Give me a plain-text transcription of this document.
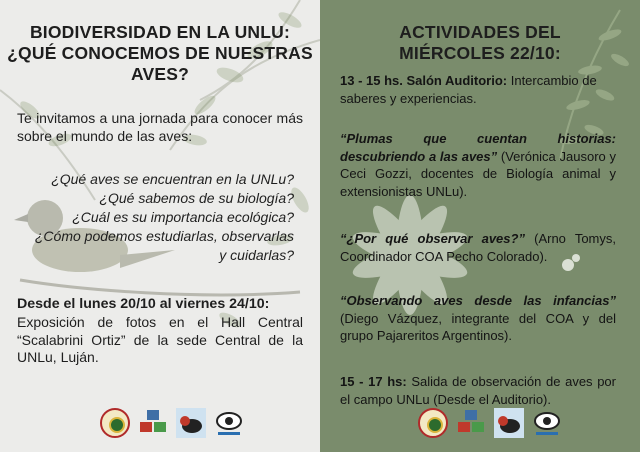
BIODIVERSIDAD EN LA UNLU:
¿QUÉ CONOCEMOS DE NUESTRAS
AVES?
Te invitamos a una jornada para conocer más sobre el mundo de las aves:
¿Qué aves se encuentran en la UNLu?
¿Qué sabemos de su biología?
¿Cuál es su importancia ecológica?
¿Cómo podemos estudiarlas, observarlas
y cuidarlas?
Desde el lunes 20/10 al viernes 24/10:
Exposición de fotos en el Hall Central “Scalabrini Ortiz” de la sede Central de la UNLu, Luján.
ACTIVIDADES DEL
MIÉRCOLES 22/10:
13 - 15 hs. Salón Auditorio: Intercambio de saberes y experiencias.
“Plumas que cuentan historias: descubriendo a las aves” (Verónica Jausoro y Ceci Gozzi, docentes de Biología animal y extensionistas UNLu).
“¿Por qué observar aves?” (Arno Tomys, Coordinador COA Pecho Colorado).
“Observando aves desde las infancias” (Diego Vázquez, integrante del COA y del grupo Pajareritos Argentinos).
15 - 17 hs: Salida de observación de aves por el campo UNLu (Desde el Auditorio).
